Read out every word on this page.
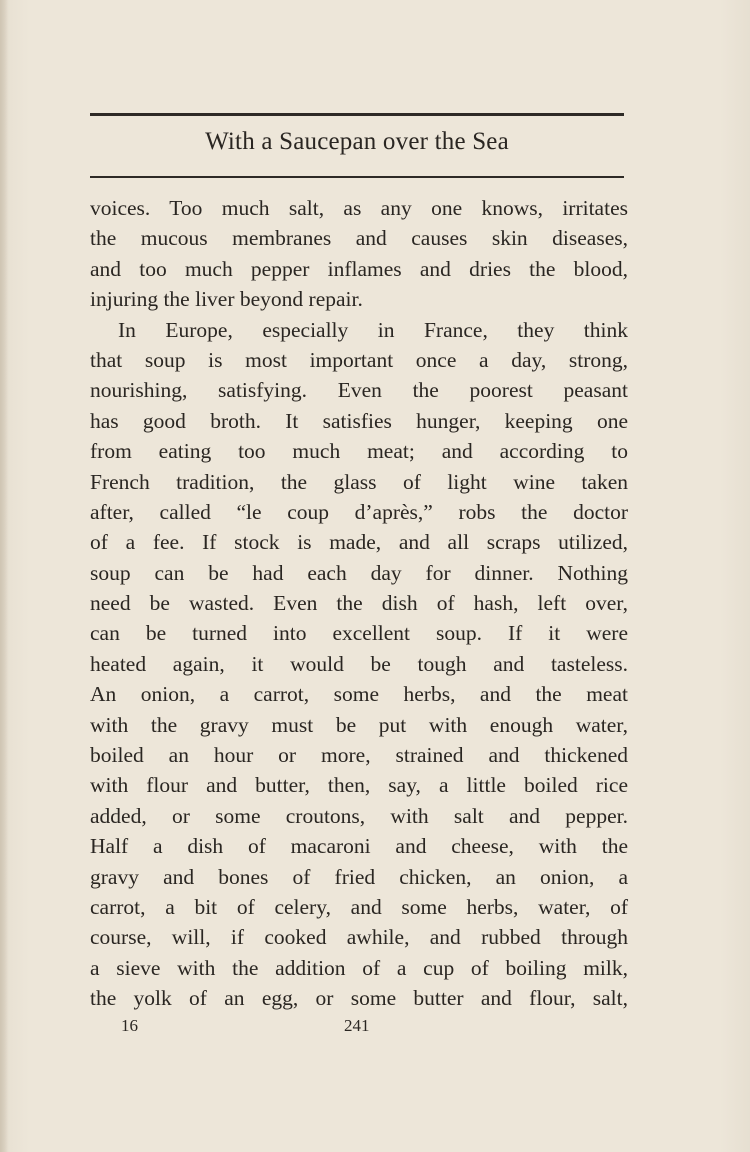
With a Saucepan over the Sea
voices. Too much salt, as any one knows, irritates
the mucous membranes and causes skin diseases,
and too much pepper inflames and dries the blood,
injuring the liver beyond repair.
In Europe, especially in France, they think
that soup is most important once a day, strong,
nourishing, satisfying. Even the poorest peasant
has good broth. It satisfies hunger, keeping one
from eating too much meat; and according to
French tradition, the glass of light wine taken
after, called “le coup d’après,” robs the doctor
of a fee. If stock is made, and all scraps utilized,
soup can be had each day for dinner. Nothing
need be wasted. Even the dish of hash, left over,
can be turned into excellent soup. If it were
heated again, it would be tough and tasteless.
An onion, a carrot, some herbs, and the meat
with the gravy must be put with enough water,
boiled an hour or more, strained and thickened
with flour and butter, then, say, a little boiled rice
added, or some croutons, with salt and pepper.
Half a dish of macaroni and cheese, with the
gravy and bones of fried chicken, an onion, a
carrot, a bit of celery, and some herbs, water, of
course, will, if cooked awhile, and rubbed through
a sieve with the addition of a cup of boiling milk,
the yolk of an egg, or some butter and flour, salt,
16	241
